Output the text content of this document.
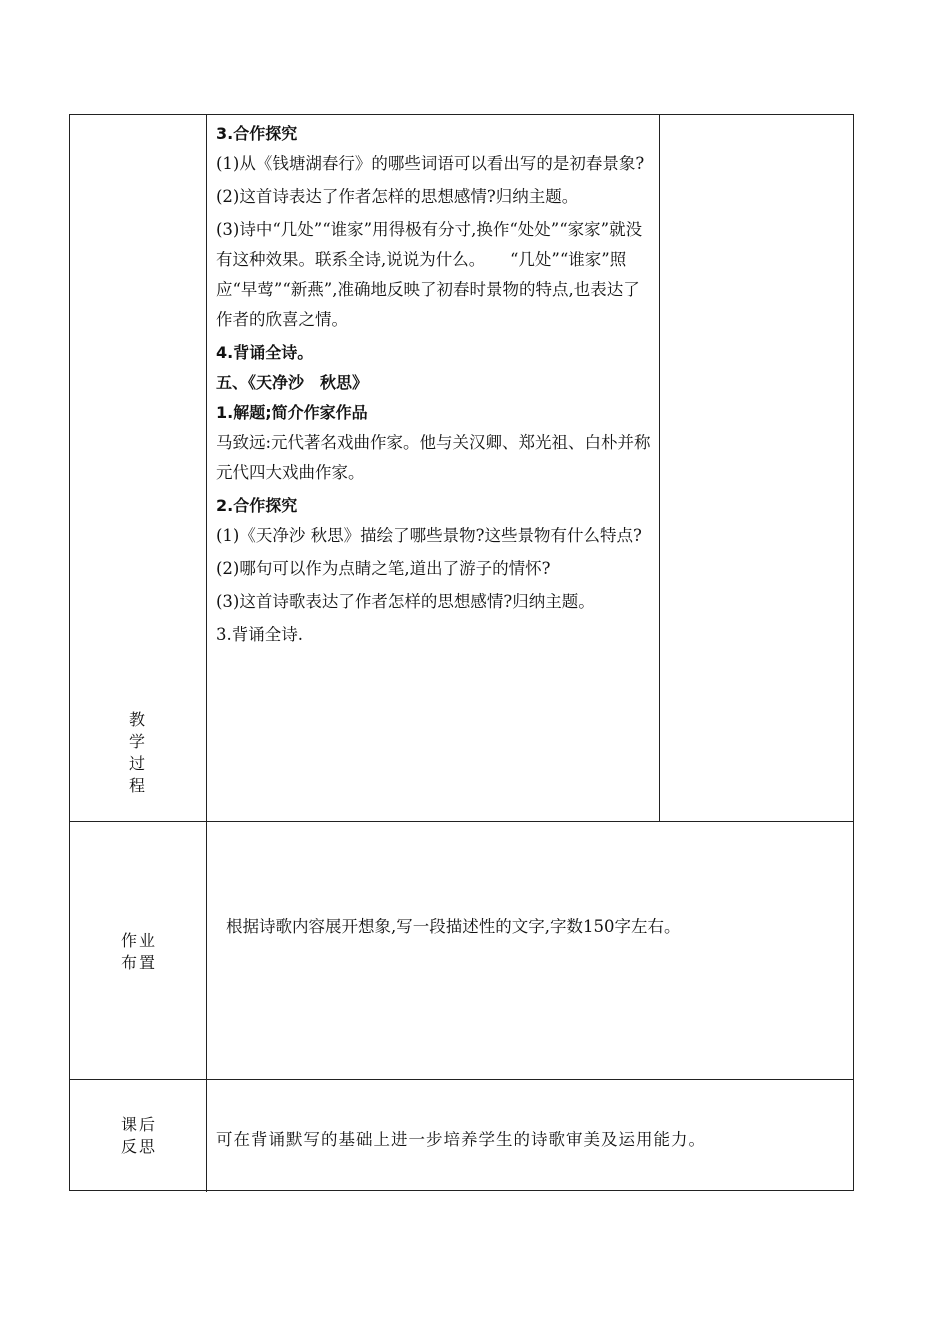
教
学
过
程

3.合作探究

(1)从《钱塘湖春行》的哪些词语可以看出写的是初春景象?

(2)这首诗表达了作者怎样的思想感情?归纳主题。

(3)诗中“几处”“谁家”用得极有分寸,换作“处处”“家家”就没有这种效果。联系全诗,说说为什么。　　“几处”“谁家”照应“早莺”“新燕”,准确地反映了初春时景物的特点,也表达了作者的欣喜之情。

4.背诵全诗。

五、《天净沙　秋思》

1.解题;简介作家作品

马致远:元代著名戏曲作家。他与关汉卿、郑光祖、白朴并称元代四大戏曲作家。

2.合作探究

(1)《天净沙 秋思》描绘了哪些景物?这些景物有什么特点?

(2)哪句可以作为点睛之笔,道出了游子的情怀?

(3)这首诗歌表达了作者怎样的思想感情?归纳主题。

3.背诵全诗.

作业
布置
根据诗歌内容展开想象,写一段描述性的文字,字数150字左右。
课后
反思	可在背诵默写的基础上进一步培养学生的诗歌审美及运用能力。
